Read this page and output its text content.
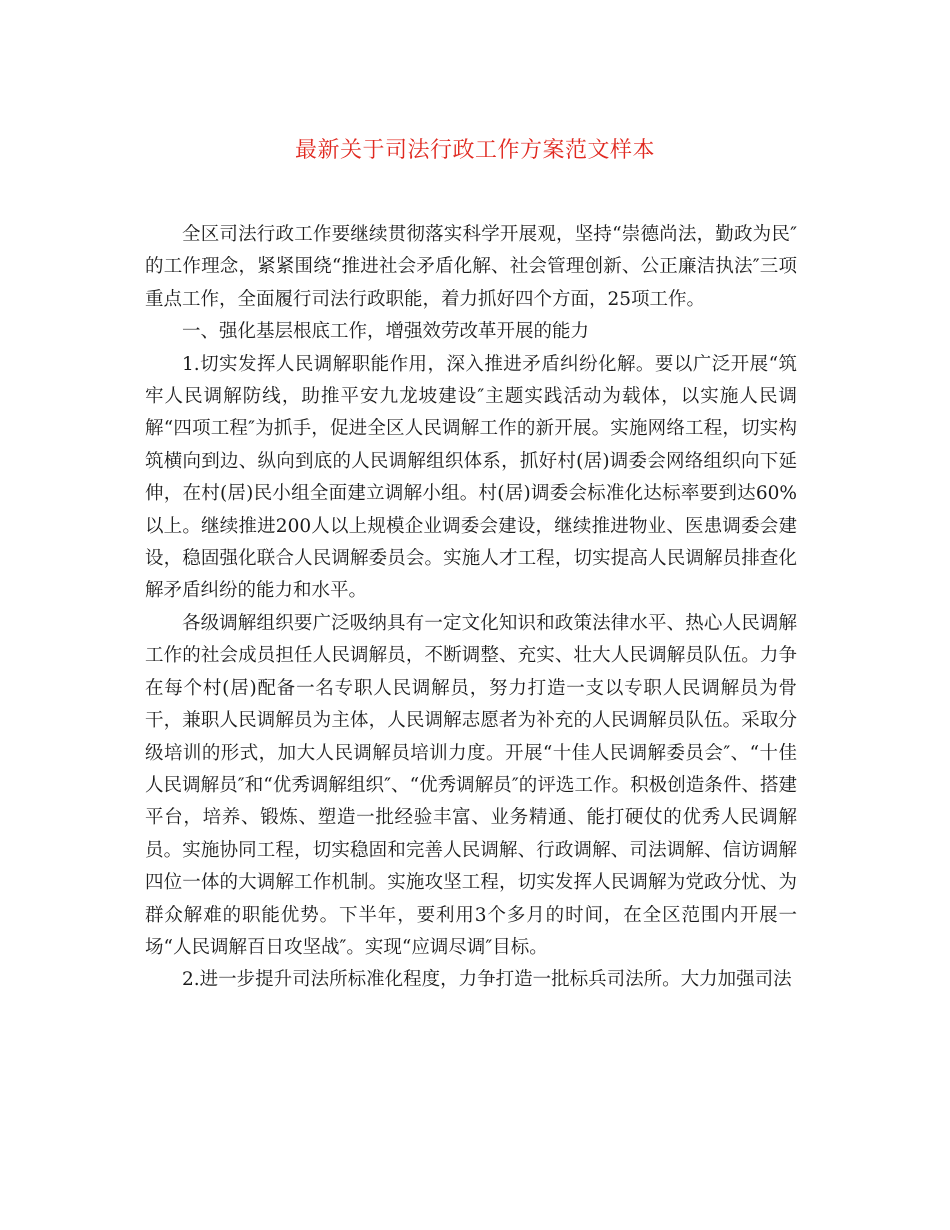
最新关于司法行政工作方案范文样本

全区司法行政工作要继续贯彻落实科学开展观，坚持“崇德尚法，勤政为民″的工作理念，紧紧围绕“推进社会矛盾化解、社会管理创新、公正廉洁执法″三项重点工作，全面履行司法行政职能，着力抓好四个方面，25项工作。

一、强化基层根底工作，增强效劳改革开展的能力

1.切实发挥人民调解职能作用，深入推进矛盾纠纷化解。要以广泛开展“筑牢人民调解防线，助推平安九龙坡建设″主题实践活动为载体，以实施人民调解“四项工程″为抓手，促进全区人民调解工作的新开展。实施网络工程，切实构筑横向到边、纵向到底的人民调解组织体系，抓好村(居)调委会网络组织向下延伸，在村(居)民小组全面建立调解小组。村(居)调委会标准化达标率要到达60%以上。继续推进200人以上规模企业调委会建设，继续推进物业、医患调委会建设，稳固强化联合人民调解委员会。实施人才工程，切实提高人民调解员排查化解矛盾纠纷的能力和水平。

各级调解组织要广泛吸纳具有一定文化知识和政策法律水平、热心人民调解工作的社会成员担任人民调解员，不断调整、充实、壮大人民调解员队伍。力争在每个村(居)配备一名专职人民调解员，努力打造一支以专职人民调解员为骨干，兼职人民调解员为主体，人民调解志愿者为补充的人民调解员队伍。采取分级培训的形式，加大人民调解员培训力度。开展“十佳人民调解委员会″、“十佳人民调解员″和“优秀调解组织″、“优秀调解员″的评选工作。积极创造条件、搭建平台，培养、锻炼、塑造一批经验丰富、业务精通、能打硬仗的优秀人民调解员。实施协同工程，切实稳固和完善人民调解、行政调解、司法调解、信访调解四位一体的大调解工作机制。实施攻坚工程，切实发挥人民调解为党政分忧、为群众解难的职能优势。下半年，要利用3个多月的时间，在全区范围内开展一场“人民调解百日攻坚战″。实现“应调尽调″目标。

2.进一步提升司法所标准化程度，力争打造一批标兵司法所。大力加强司法
